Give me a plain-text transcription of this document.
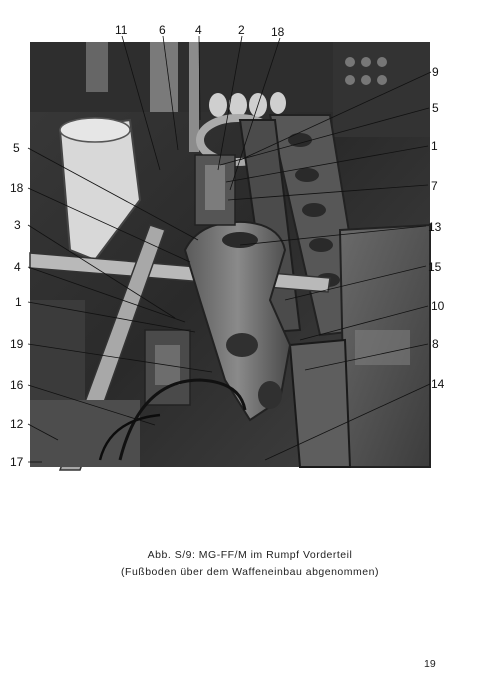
11	6 4	2 18
9
5
1
7
13
15
10
8
14
5
18
3
4
1
19
16
12
17
Abb. S/9: MG-FF/M im Rumpf Vorderteil
(Fußboden über dem Waffeneinbau abgenommen)
19
